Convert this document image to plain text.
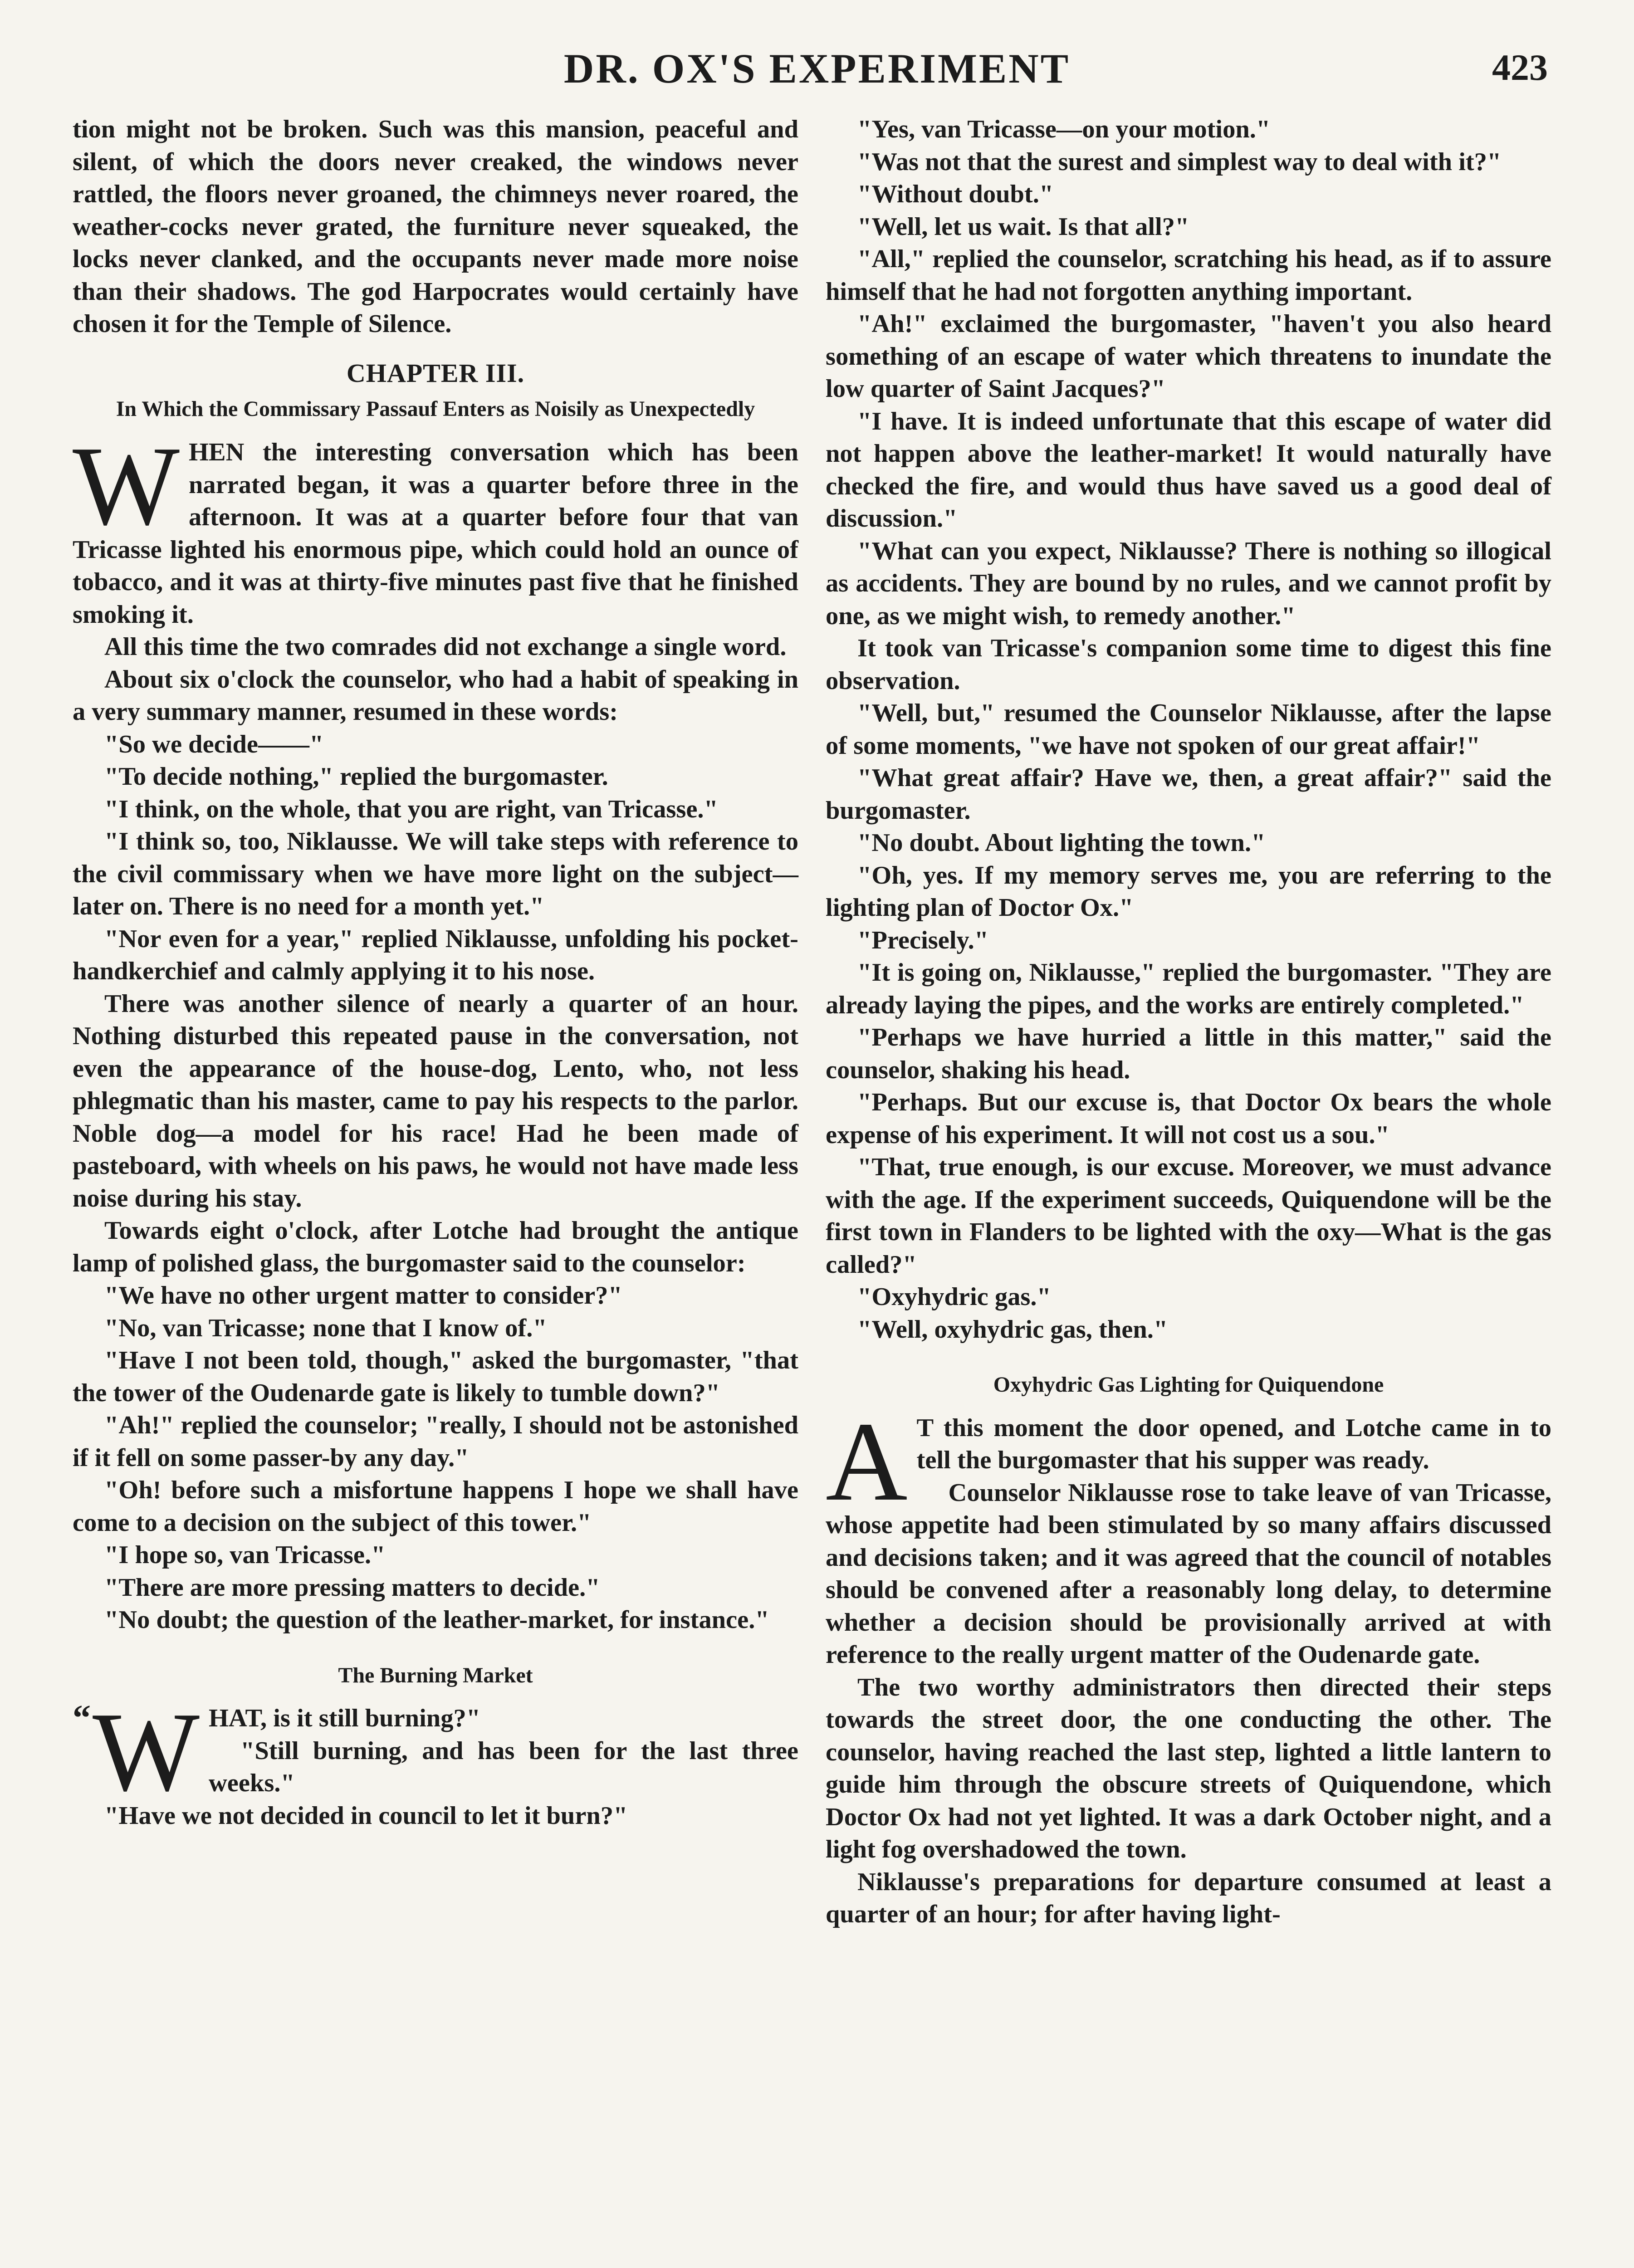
DR. OX'S EXPERIMENT	423

tion might not be broken. Such was this mansion, peaceful and silent, of which the doors never creaked, the windows never rattled, the floors never groaned, the chimneys never roared, the weather-cocks never grated, the furniture never squeaked, the locks never clanked, and the occupants never made more noise than their shadows. The god Harpocrates would certainly have chosen it for the Temple of Silence.

CHAPTER III.
In Which the Commissary Passauf Enters as Noisily as Unexpectedly

W HEN the interesting conversation which has been narrated began, it was a quarter before three in the afternoon. It was at a quarter before four that van Tricasse lighted his enormous pipe, which could hold an ounce of tobacco, and it was at thirty-five minutes past five that he finished smoking it.

All this time the two comrades did not exchange a single word.

About six o'clock the counselor, who had a habit of speaking in a very summary manner, resumed in these words:

"So we decide——"

"To decide nothing," replied the burgomaster.

"I think, on the whole, that you are right, van Tricasse."

"I think so, too, Niklausse. We will take steps with reference to the civil commissary when we have more light on the subject—later on. There is no need for a month yet."

"Nor even for a year," replied Niklausse, unfolding his pocket-handkerchief and calmly applying it to his nose.

There was another silence of nearly a quarter of an hour. Nothing disturbed this repeated pause in the conversation, not even the appearance of the house-dog, Lento, who, not less phlegmatic than his master, came to pay his respects to the parlor. Noble dog—a model for his race! Had he been made of pasteboard, with wheels on his paws, he would not have made less noise during his stay.

Towards eight o'clock, after Lotche had brought the antique lamp of polished glass, the burgomaster said to the counselor:

"We have no other urgent matter to consider?"

"No, van Tricasse; none that I know of."

"Have I not been told, though," asked the burgomaster, "that the tower of the Oudenarde gate is likely to tumble down?"

"Ah!" replied the counselor; "really, I should not be astonished if it fell on some passer-by any day."

"Oh! before such a misfortune happens I hope we shall have come to a decision on the subject of this tower."

"I hope so, van Tricasse."

"There are more pressing matters to decide."

"No doubt; the question of the leather-market, for instance."

The Burning Market

“ W HAT, is it still burning?"

"Still burning, and has been for the last three weeks."

"Have we not decided in council to let it burn?"

"Yes, van Tricasse—on your motion."

"Was not that the surest and simplest way to deal with it?"

"Without doubt."

"Well, let us wait. Is that all?"

"All," replied the counselor, scratching his head, as if to assure himself that he had not forgotten anything important.

"Ah!" exclaimed the burgomaster, "haven't you also heard something of an escape of water which threatens to inundate the low quarter of Saint Jacques?"

"I have. It is indeed unfortunate that this escape of water did not happen above the leather-market! It would naturally have checked the fire, and would thus have saved us a good deal of discussion."

"What can you expect, Niklausse? There is nothing so illogical as accidents. They are bound by no rules, and we cannot profit by one, as we might wish, to remedy another."

It took van Tricasse's companion some time to digest this fine observation.

"Well, but," resumed the Counselor Niklausse, after the lapse of some moments, "we have not spoken of our great affair!"

"What great affair? Have we, then, a great affair?" said the burgomaster.

"No doubt. About lighting the town."

"Oh, yes. If my memory serves me, you are referring to the lighting plan of Doctor Ox."

"Precisely."

"It is going on, Niklausse," replied the burgomaster. "They are already laying the pipes, and the works are entirely completed."

"Perhaps we have hurried a little in this matter," said the counselor, shaking his head.

"Perhaps. But our excuse is, that Doctor Ox bears the whole expense of his experiment. It will not cost us a sou."

"That, true enough, is our excuse. Moreover, we must advance with the age. If the experiment succeeds, Quiquendone will be the first town in Flanders to be lighted with the oxy—What is the gas called?"

"Oxyhydric gas."

"Well, oxyhydric gas, then."

Oxyhydric Gas Lighting for Quiquendone

A T this moment the door opened, and Lotche came in to tell the burgomaster that his supper was ready.

Counselor Niklausse rose to take leave of van Tricasse, whose appetite had been stimulated by so many affairs discussed and decisions taken; and it was agreed that the council of notables should be convened after a reasonably long delay, to determine whether a decision should be provisionally arrived at with reference to the really urgent matter of the Oudenarde gate.

The two worthy administrators then directed their steps towards the street door, the one conducting the other. The counselor, having reached the last step, lighted a little lantern to guide him through the obscure streets of Quiquendone, which Doctor Ox had not yet lighted. It was a dark October night, and a light fog overshadowed the town.

Niklausse's preparations for departure consumed at least a quarter of an hour; for after having light-
